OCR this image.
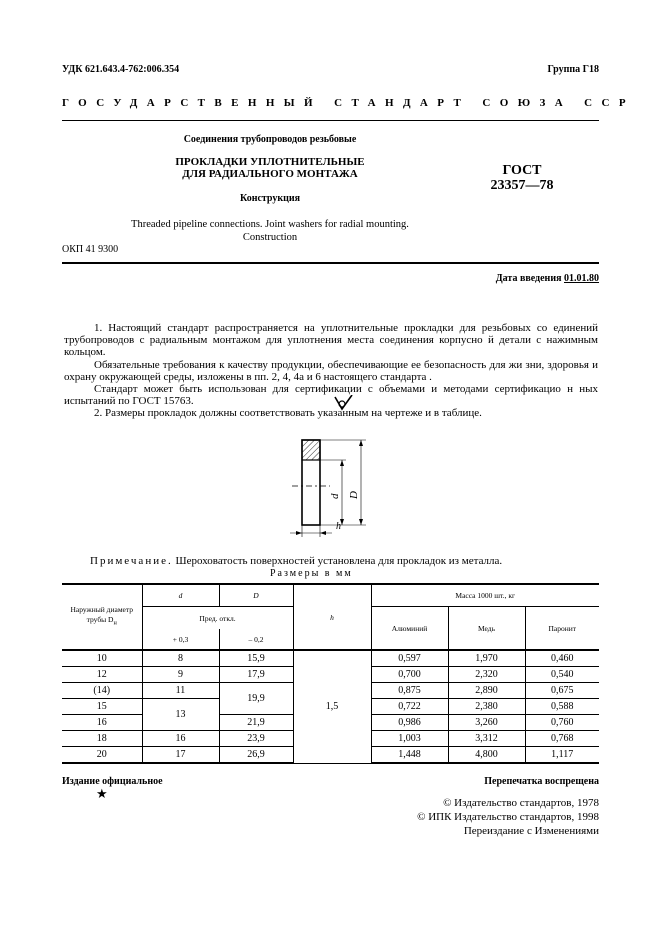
УДК 621.643.4-762:006.354	Группа Г18
ГОСУДАРСТВЕННЫЙ СТАНДАРТ СОЮЗА ССР
Соединения трубопроводов резьбовые
ПРОКЛАДКИ УПЛОТНИТЕЛЬНЫЕ
ДЛЯ РАДИАЛЬНОГО МОНТАЖА
Конструкция
Threaded pipeline connections. Joint washers for radial mounting.
Construction
ГОСТ
23357—78
ОКП 41 9300
Дата введения 01.01.80
1. Настоящий стандарт распространяется на уплотнительные прокладки для резьбовых со единений трубопроводов с радиальным монтажом для уплотнения места соединения корпусно й детали с нажимным кольцом.
Обязательные требования к качеству продукции, обеспечивающие ее безопасность для жи зни, здоровья и охрану окружающей среды, изложены в пп. 2, 4, 4а и 6 настоящего стандарта .
Стандарт может быть использован для сертификации с объемами и методами сертификацио н ных испытаний по ГОСТ 15763.
2. Размеры прокладок должны соответствовать указанным на чертеже и в таблице.
d D
h
Примечание. Шероховатость поверхностей установлена для прокладок из металла.
Размеры в мм
Наружный диаметр трубы $D_н$	d	D	h	Масса 1000 шт., кг		
	Пред. откл.			Алюминий	Медь	Паронит
	+ 0,3	– 0,2				
10	8	15,9	1,5	0,597	1,970	0,460
12	9	17,9		0,700	2,320	0,540
(14)	11	19,9		0,875	2,890	0,675
15	13			0,722	2,380	0,588
16		21,9		0,986	3,260	0,760
18	16	23,9		1,003	3,312	0,768
20	17	26,9		1,448	4,800	1,117
Издание официальное
★
Перепечатка воспрещена
© Издательство стандартов, 1978
© ИПК Издательство стандартов, 1998
Переиздание с Изменениями
